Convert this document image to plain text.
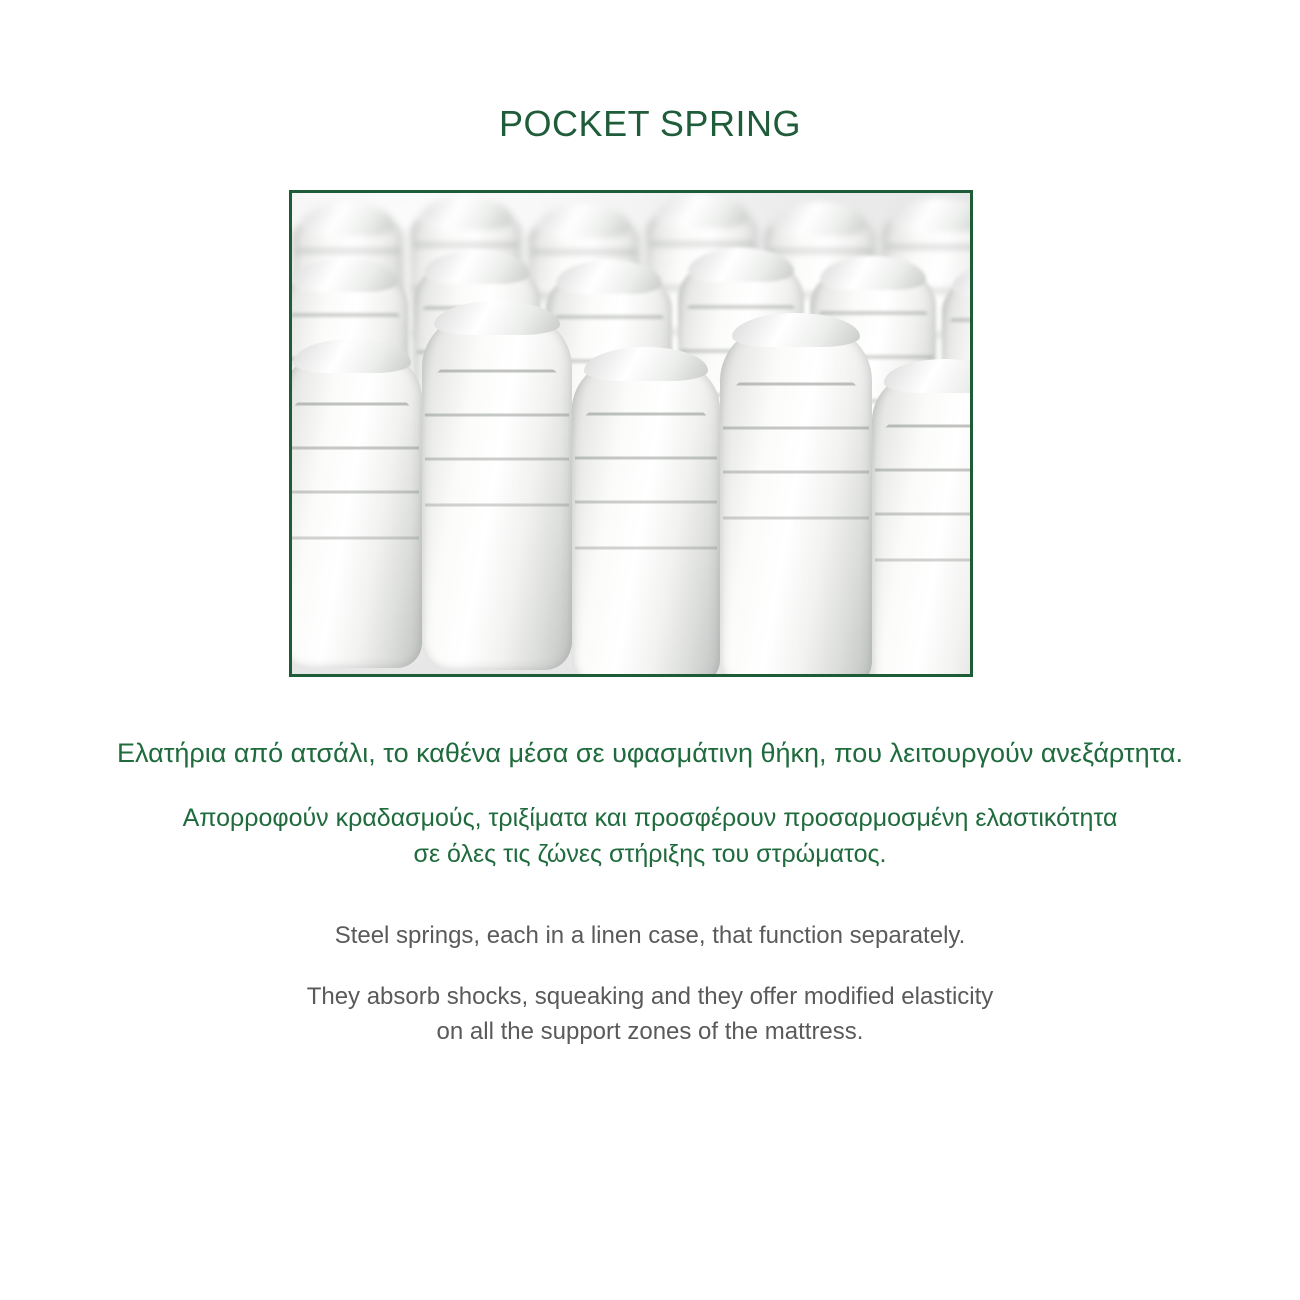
POCKET SPRING
Ελατήρια από ατσάλι, το καθένα μέσα σε υφασμάτινη θήκη, που λειτουργούν ανεξάρτητα.
Απορροφούν κραδασμούς, τριξίματα και προσφέρουν προσαρμοσμένη ελαστικότητα
σε όλες τις ζώνες στήριξης του στρώματος.
Steel springs, each in a linen case, that function separately.
They absorb shocks, squeaking and they offer modified elasticity
on all the support zones of the mattress.
